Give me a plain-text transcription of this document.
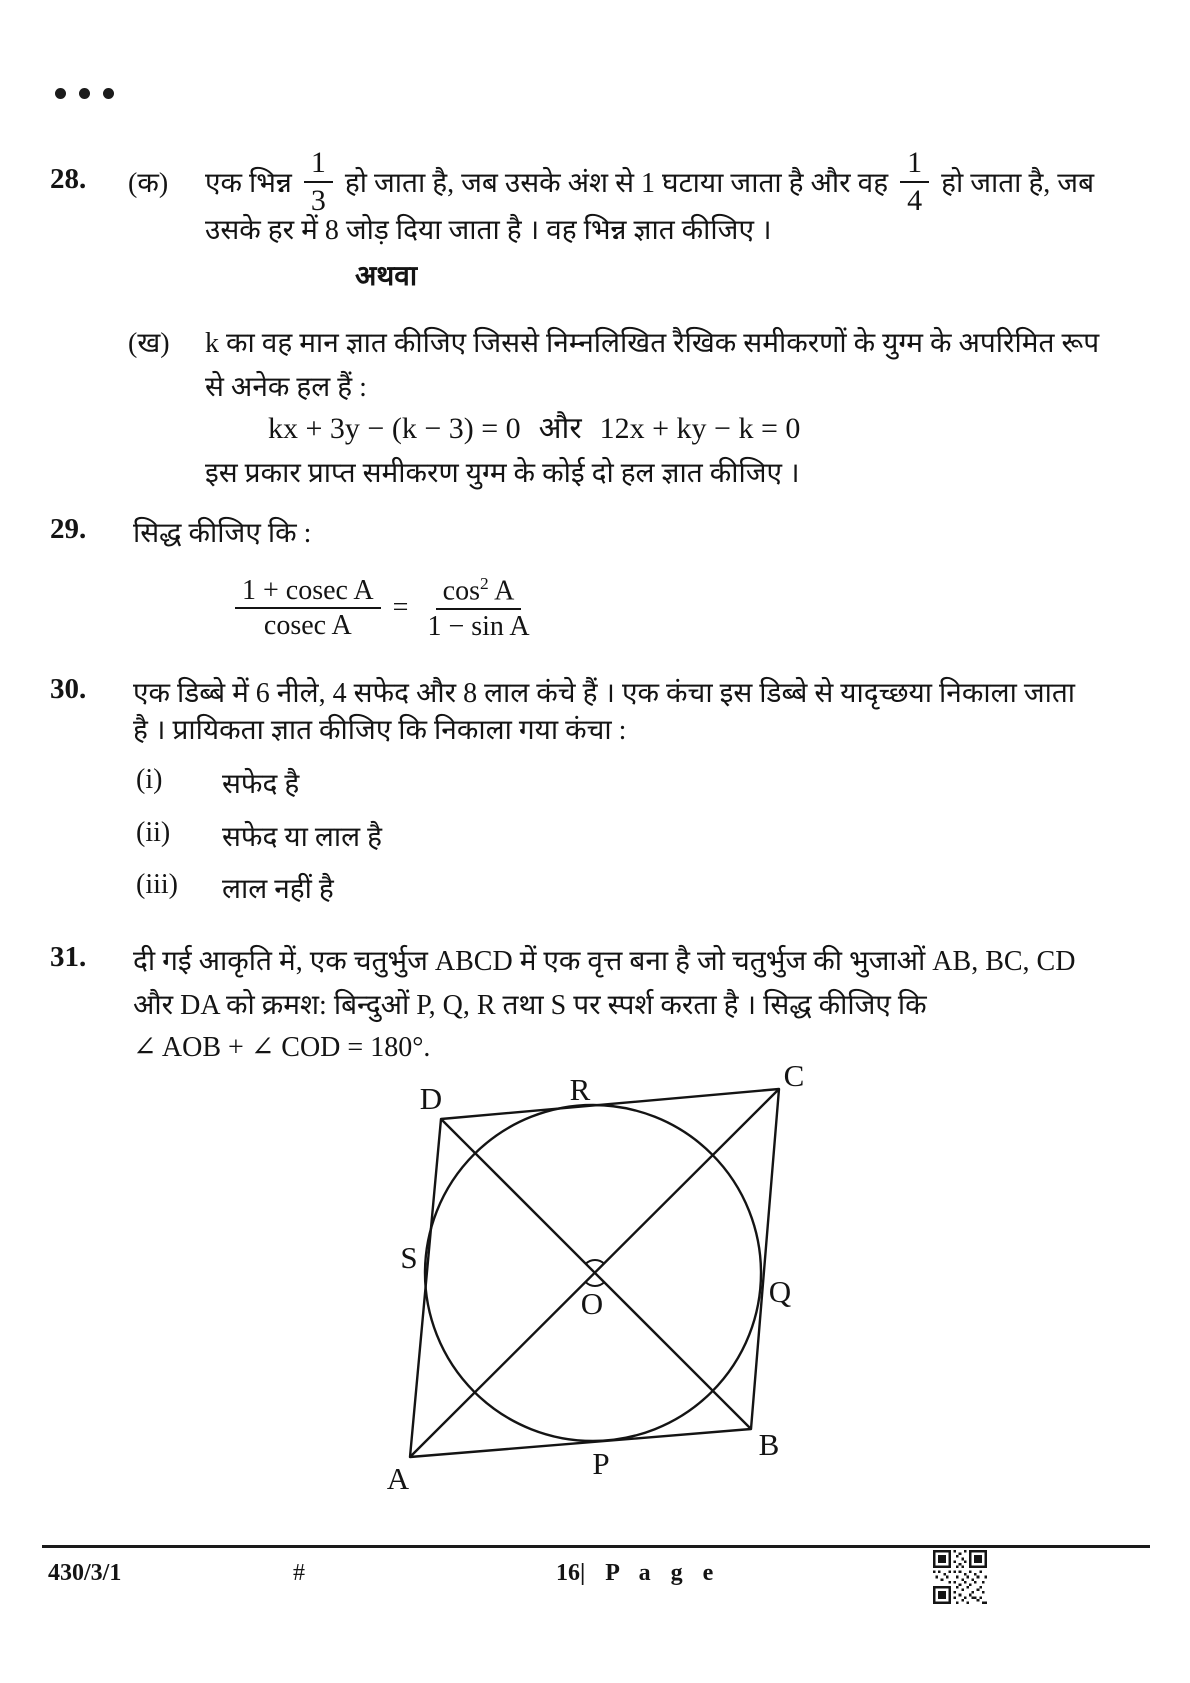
28. (क) एक भिन्न $\frac{1}{3}$ हो जाता है, जब उसके अंश से 1 घटाया जाता है और वह $\frac{1}{4}$ हो जाता है, जब
उसके हर में 8 जोड़ दिया जाता है । वह भिन्न ज्ञात कीजिए ।
अथवा
(ख) k का वह मान ज्ञात कीजिए जिससे निम्नलिखित रैखिक समीकरणों के युग्म के अपरिमित रूप
से अनेक हल हैं :
kx + 3y − (k − 3) = 0 और 12x + ky − k = 0
इस प्रकार प्राप्त समीकरण युग्म के कोई दो हल ज्ञात कीजिए ।
29. सिद्ध कीजिए कि :
$\frac{\text{1 + cosec A}}{\text{cosec A}} = \frac{\cos^2 A}{\text{1 − sin A}}$
30. एक डिब्बे में 6 नीले, 4 सफेद और 8 लाल कंचे हैं । एक कंचा इस डिब्बे से यादृच्छया निकाला जाता
है । प्रायिकता ज्ञात कीजिए कि निकाला गया कंचा :
(i) सफेद है
(ii) सफेद या लाल है
(iii) लाल नहीं है
31. दी गई आकृति में, एक चतुर्भुज ABCD में एक वृत्त बना है जो चतुर्भुज की भुजाओं AB, BC, CD
और DA को क्रमश: बिन्दुओं P, Q, R तथा S पर स्पर्श करता है । सिद्ध कीजिए कि
∠ AOB + ∠ COD = 180°.
A
B
C
D
P
Q
R
S
O
430/3/1	#	16| P a g e
